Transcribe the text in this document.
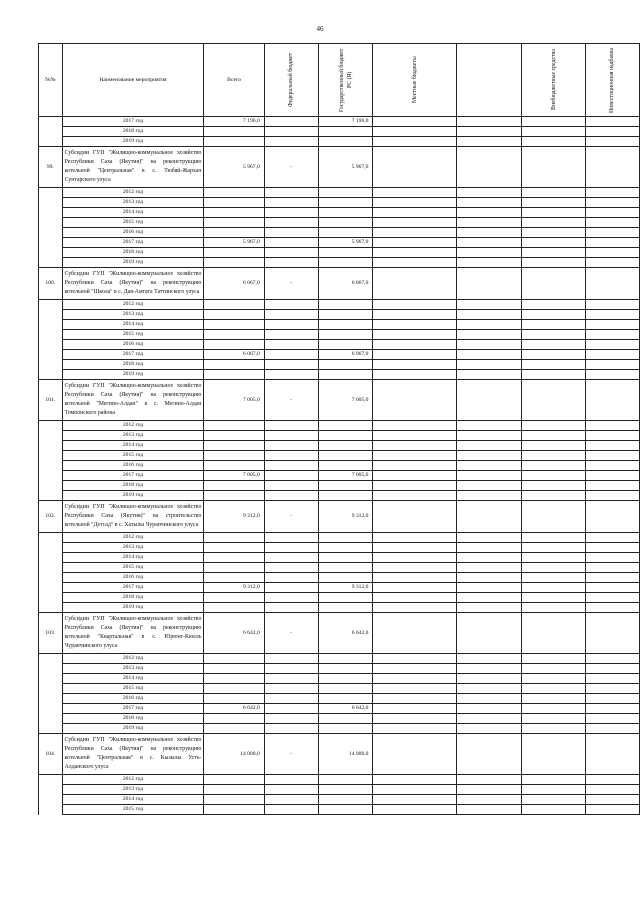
46
№№	Наименование мероприятия	Всего	Федеральный бюджет	Государственный бюджет РС (Я)	Местные бюджеты		Внебюджетные средства	Инвестиционная надбавка

	2017 год	7 196,0		7 196,0				
	2018 год							
	2019 год							
99.	Субсидии ГУП "Жилищно-коммунальное хозяйство Республики Саха (Якутия)" на реконструкцию котельной "Центральная" в с. Тюбяй-Жархан Сунтарского улуса	5 967,0	-	5 967,0				
	2012 год							
	2013 год							
	2014 год							
	2015 год							
	2016 год							
	2017 год	5 967,0		5 967,0				
	2018 год							
	2019 год							
100.	Субсидии ГУП "Жилищно-коммунальное хозяйство Республики Саха (Якутия)" на реконструкцию котельной "Школа" в с. Дая-Амгата Таттинского улуса	6 067,0	-	6 067,0				
	2012 год							
	2013 год							
	2014 год							
	2015 год							
	2016 год							
	2017 год	6 067,0		6 067,0				
	2018 год							
	2019 год							
101.	Субсидии ГУП "Жилищно-коммунальное хозяйство Республики Саха (Якутия)" на реконструкцию котельной "Мегино-Алдан" в с. Мегино-Алдан Томпонского района	7 005,0	-	7 005,0				
	2012 год							
	2013 год							
	2014 год							
	2015 год							
	2016 год							
	2017 год	7 005,0		7 005,0				
	2018 год							
	2019 год							
102.	Субсидии ГУП "Жилищно-коммунальное хозяйство Республики Саха (Якутия)" на строительство котельной "Детсад" в с. Хатылы Чурапчинского улуса	9 312,0	-	9 312,0				
	2012 год							
	2013 год							
	2014 год							
	2015 год							
	2016 год							
	2017 год	9 312,0		9 312,0				
	2018 год							
	2019 год							
103.	Субсидии ГУП "Жилищно-коммунальное хозяйство Республики Саха (Якутия)" на реконструкцию котельной "Квартальная" в с. Юрюнг-Кюель Чурапчинского улуса	6 642,0	-	6 642,0				
	2012 год							
	2013 год							
	2014 год							
	2015 год							
	2016 год							
	2017 год	6 642,0		6 642,0				
	2018 год							
	2019 год							
104.	Субсидии ГУП "Жилищно-коммунальное хозяйство Республики Саха (Якутия)" на реконструкцию котельной "Центральная" в с. Кызылы Усть-Алданского улуса	14 000,0	-	14 000,0				
	2012 год							
	2013 год							
	2014 год							
	2015 год							
